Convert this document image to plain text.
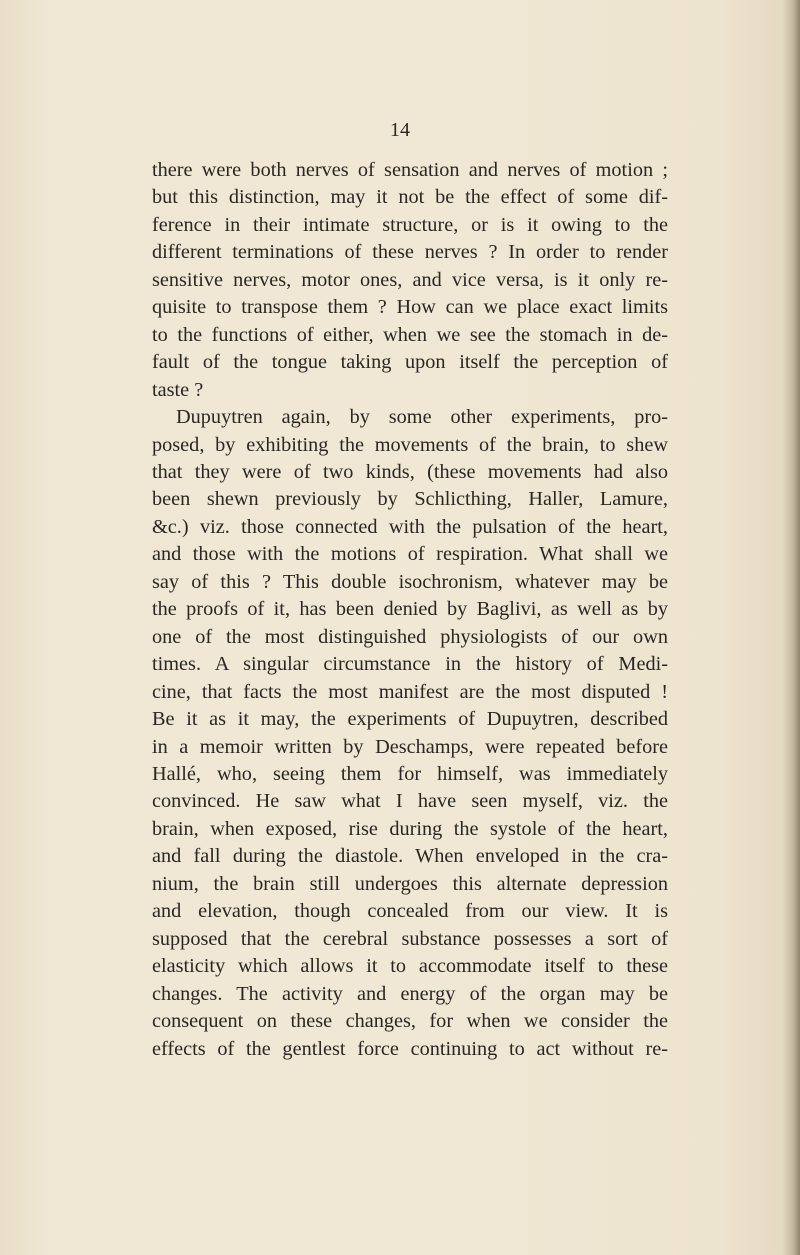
14
there were both nerves of sensation and nerves of motion ;
but this distinction, may it not be the effect of some dif-
ference in their intimate structure, or is it owing to the
different terminations of these nerves ? In order to render
sensitive nerves, motor ones, and vice versa, is it only re-
quisite to transpose them ? How can we place exact limits
to the functions of either, when we see the stomach in de-
fault of the tongue taking upon itself the perception of
taste ?
Dupuytren again, by some other experiments, pro-
posed, by exhibiting the movements of the brain, to shew
that they were of two kinds, (these movements had also
been shewn previously by Schlicthing, Haller, Lamure,
&c.) viz. those connected with the pulsation of the heart,
and those with the motions of respiration. What shall we
say of this ? This double isochronism, whatever may be
the proofs of it, has been denied by Baglivi, as well as by
one of the most distinguished physiologists of our own
times. A singular circumstance in the history of Medi-
cine, that facts the most manifest are the most disputed !
Be it as it may, the experiments of Dupuytren, described
in a memoir written by Deschamps, were repeated before
Hallé, who, seeing them for himself, was immediately
convinced. He saw what I have seen myself, viz. the
brain, when exposed, rise during the systole of the heart,
and fall during the diastole. When enveloped in the cra-
nium, the brain still undergoes this alternate depression
and elevation, though concealed from our view. It is
supposed that the cerebral substance possesses a sort of
elasticity which allows it to accommodate itself to these
changes. The activity and energy of the organ may be
consequent on these changes, for when we consider the
effects of the gentlest force continuing to act without re-
